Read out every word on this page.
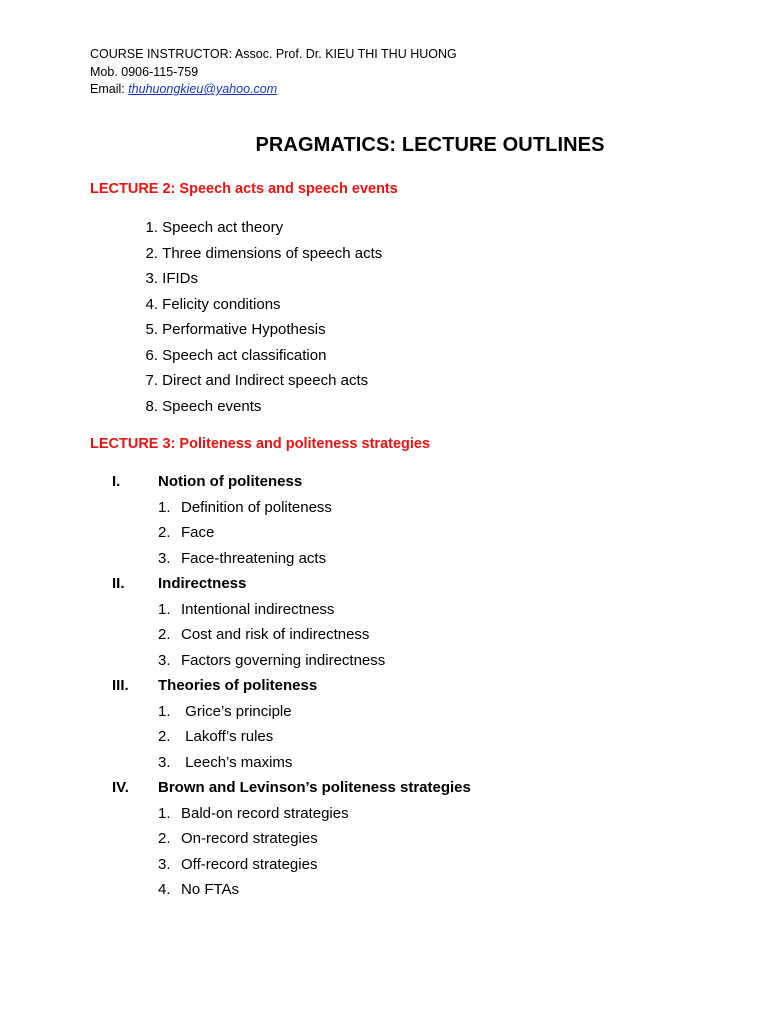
COURSE INSTRUCTOR: Assoc. Prof. Dr. KIEU THI THU HUONG
Mob. 0906-115-759
Email: thuhuongkieu@yahoo.com
PRAGMATICS: LECTURE OUTLINES
LECTURE 2: Speech acts and speech events
1. Speech act theory
2. Three dimensions of speech acts
3. IFIDs
4. Felicity conditions
5. Performative Hypothesis
6. Speech act classification
7. Direct and Indirect speech acts
8. Speech events
LECTURE 3: Politeness and politeness strategies
I.	Notion of politeness
1. Definition of politeness
2. Face
3. Face-threatening acts
II. Indirectness
1. Intentional indirectness
2. Cost and risk of indirectness
3. Factors governing indirectness
III. Theories of politeness
1. Grice’s principle
2. Lakoff’s rules
3. Leech’s maxims
IV. Brown and Levinson’s politeness strategies
1. Bald-on record strategies
2. On-record strategies
3. Off-record strategies
4. No FTAs
